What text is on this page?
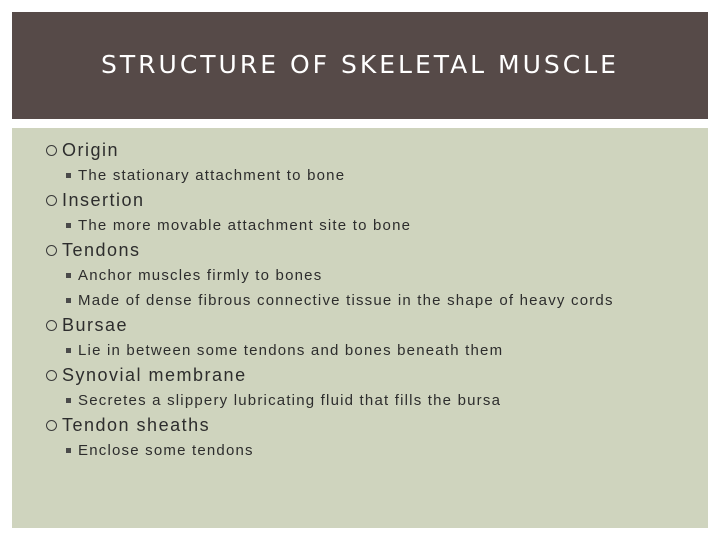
STRUCTURE OF SKELETAL MUSCLE
Origin
The stationary attachment to bone
Insertion
The more movable attachment site to bone
Tendons
Anchor muscles firmly to bones
Made of dense fibrous connective tissue in the shape of heavy cords
Bursae
Lie in between some tendons and bones beneath them
Synovial membrane
Secretes a slippery lubricating fluid that fills the bursa
Tendon sheaths
Enclose some tendons
